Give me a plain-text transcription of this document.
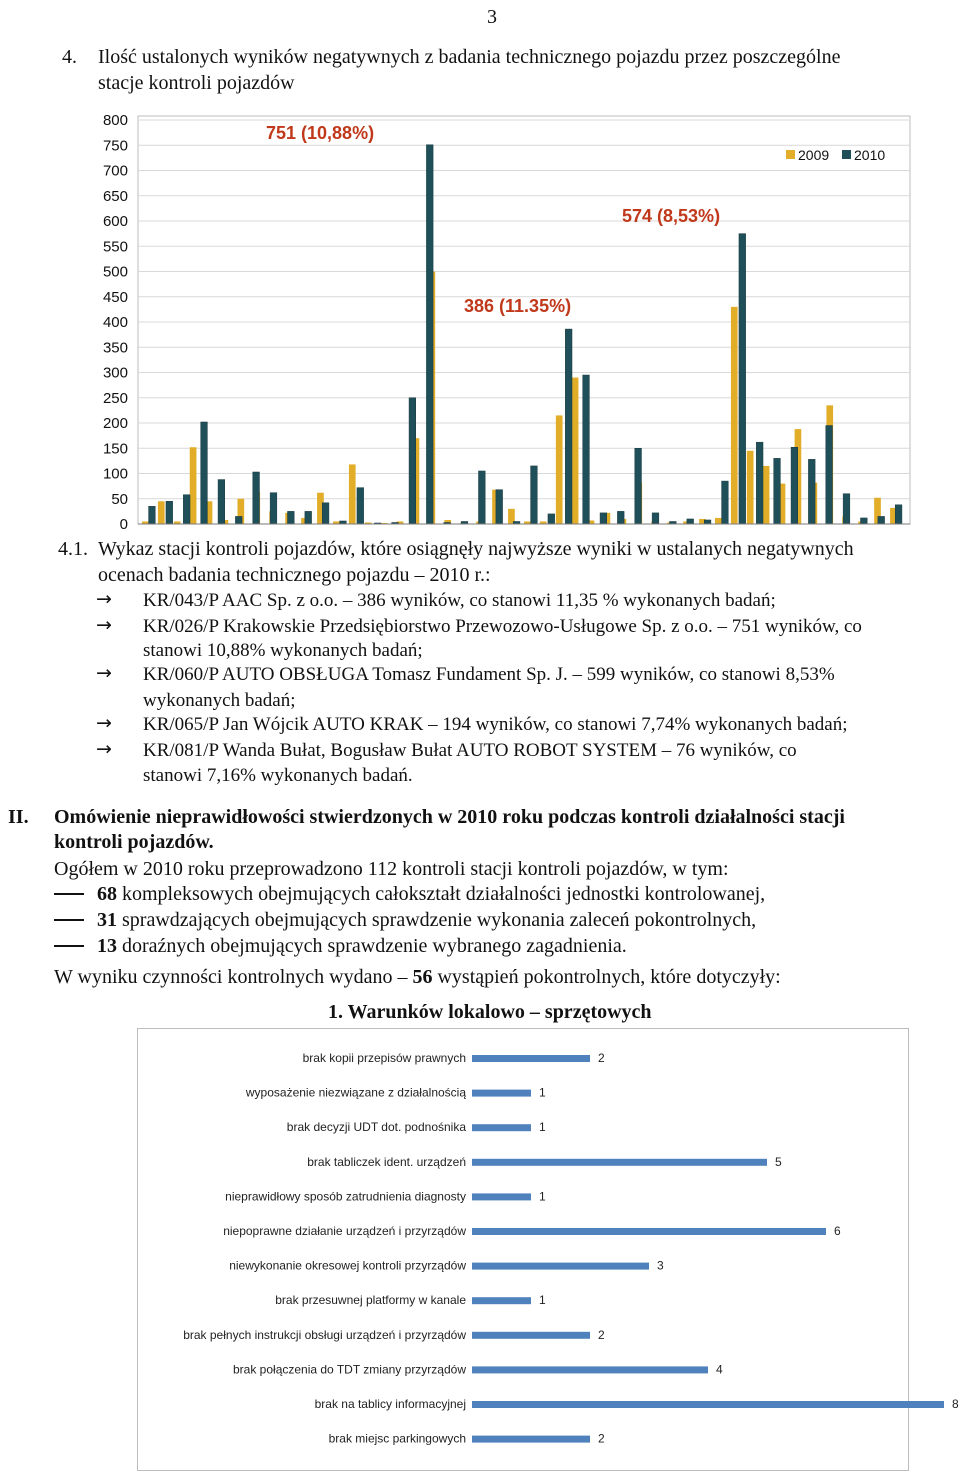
3
4. Ilość ustalonych wyników negatywnych z badania technicznego pojazdu przez poszczególne
stacje kontroli pojazdów
0
50
100
150
200
250
300
350
400
450
500
550
600
650
700
750
800
2009 2010
751 (10,88%)
574 (8,53%)
386 (11.35%)
4.1. Wykaz stacji kontroli pojazdów, które osiągnęły najwyższe wyniki w ustalanych negatywnych
ocenach badania technicznego pojazdu – 2010 r.:
→ KR/043/P AAC Sp. z o.o. – 386 wyników, co stanowi 11,35 % wykonanych badań;
→ KR/026/P Krakowskie Przedsiębiorstwo Przewozowo-Usługowe Sp. z o.o. – 751 wyników, co
stanowi 10,88% wykonanych badań;
→ KR/060/P AUTO OBSŁUGA Tomasz Fundament Sp. J. – 599 wyników, co stanowi 8,53%
wykonanych badań;
→ KR/065/P Jan Wójcik AUTO KRAK – 194 wyników, co stanowi 7,74% wykonanych badań;
→ KR/081/P Wanda Bułat, Bogusław Bułat AUTO ROBOT SYSTEM – 76 wyników, co
stanowi 7,16% wykonanych badań.
II. Omówienie nieprawidłowości stwierdzonych w 2010 roku podczas kontroli działalności stacji
kontroli pojazdów.
Ogółem w 2010 roku przeprowadzono 112 kontroli stacji kontroli pojazdów, w tym:
68 kompleksowych obejmujących całokształt działalności jednostki kontrolowanej,
31 sprawdzających obejmujących sprawdzenie wykonania zaleceń pokontrolnych,
13 doraźnych obejmujących sprawdzenie wybranego zagadnienia.
W wyniku czynności kontrolnych wydano – 56 wystąpień pokontrolnych, które dotyczyły:
1. Warunków lokalowo – sprzętowych
brak kopii przepisów prawnych	2
wyposażenie niezwiązane z działalnością	1
brak decyzji UDT dot. podnośnika	1
brak tabliczek ident. urządzeń	5
nieprawidłowy sposób zatrudnienia diagnosty	1
niepoprawne działanie urządzeń i przyrządów	6
niewykonanie okresowej kontroli przyrządów	3
brak przesuwnej platformy w kanale	1
brak pełnych instrukcji obsługi urządzeń i przyrządów	2
brak połączenia do TDT zmiany przyrządów	4
brak na tablicy informacyjnej	8
brak miejsc parkingowych	2
